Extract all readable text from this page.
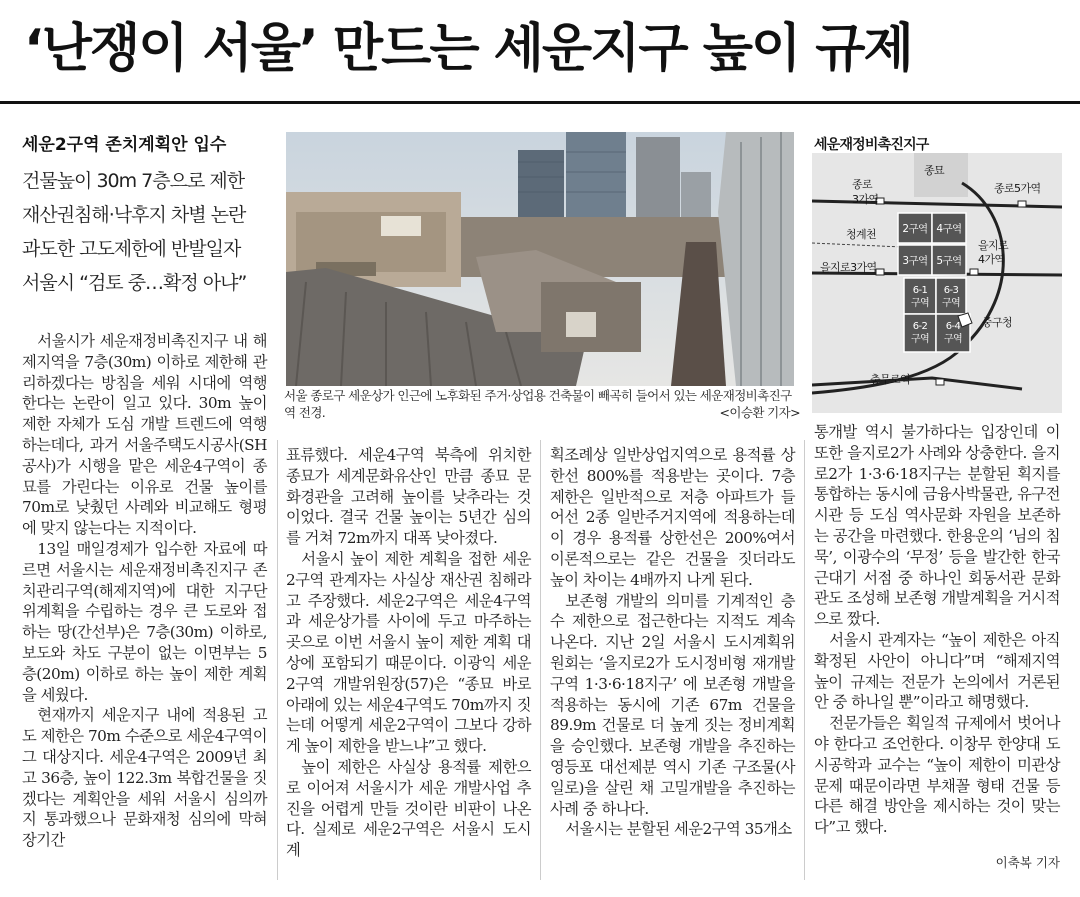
‘난쟁이 서울’ 만드는 세운지구 높이 규제
세운2구역 존치계획안 입수
건물높이 30m 7층으로 제한
재산권침해·낙후지 차별 논란
과도한 고도제한에 반발일자
서울시 “검토 중…확정 아냐”
서울 종로구 세운상가 인근에 노후화된 주거·상업용 건축물이 빼곡히 들어서 있는 세운재정비촉진구역 전경.	<이승환 기자>
세운재정비촉진지구
2구역 4구역
3구역 5구역
6-1
구역
6-3
구역
6-2
구역
6-4
구역
종묘
종로
3가역
종로5가역
청계천
을지로3가역
을지로
4가역
중구청
충무로역

서울시가 세운재정비촉진지구 내 해제지역을 7층(30m) 이하로 제한해 관리하겠다는 방침을 세워 시대에 역행한다는 논란이 일고 있다. 30m 높이 제한 자체가 도심 개발 트렌드에 역행하는데다, 과거 서울주택도시공사(SH공사)가 시행을 맡은 세운4구역이 종묘를 가린다는 이유로 건물 높이를 70m로 낮췄던 사례와 비교해도 형평에 맞지 않는다는 지적이다.

13일 매일경제가 입수한 자료에 따르면 서울시는 세운재정비촉진지구 존치관리구역(해제지역)에 대한 지구단위계획을 수립하는 경우 큰 도로와 접하는 땅(간선부)은 7층(30m) 이하로, 보도와 차도 구분이 없는 이면부는 5층(20m) 이하로 하는 높이 제한 계획을 세웠다.

현재까지 세운지구 내에 적용된 고도 제한은 70m 수준으로 세운4구역이 그 대상지다. 세운4구역은 2009년 최고 36층, 높이 122.3m 복합건물을 짓겠다는 계획안을 세워 서울시 심의까지 통과했으나 문화재청 심의에 막혀 장기간

표류했다. 세운4구역 북측에 위치한 종묘가 세계문화유산인 만큼 종묘 문화경관을 고려해 높이를 낮추라는 것이었다. 결국 건물 높이는 5년간 심의를 거쳐 72m까지 대폭 낮아졌다.

서울시 높이 제한 계획을 접한 세운2구역 관계자는 사실상 재산권 침해라고 주장했다. 세운2구역은 세운4구역과 세운상가를 사이에 두고 마주하는 곳으로 이번 서울시 높이 제한 계획 대상에 포함되기 때문이다. 이광익 세운2구역 개발위원장(57)은 “종묘 바로 아래에 있는 세운4구역도 70m까지 짓는데 어떻게 세운2구역이 그보다 강하게 높이 제한을 받느냐”고 했다.

높이 제한은 사실상 용적률 제한으로 이어져 서울시가 세운 개발사업 추진을 어렵게 만들 것이란 비판이 나온다. 실제로 세운2구역은 서울시 도시계

획조례상 일반상업지역으로 용적률 상한선 800%를 적용받는 곳이다. 7층 제한은 일반적으로 저층 아파트가 들어선 2종 일반주거지역에 적용하는데 이 경우 용적률 상한선은 200%여서 이론적으로는 같은 건물을 짓더라도 높이 차이는 4배까지 나게 된다.

보존형 개발의 의미를 기계적인 층수 제한으로 접근한다는 지적도 계속 나온다. 지난 2일 서울시 도시계획위원회는 ‘을지로2가 도시정비형 재개발구역 1·3·6·18지구’ 에 보존형 개발을 적용하는 동시에 기존 67m 건물을 89.9m 건물로 더 높게 짓는 정비계획을 승인했다. 보존형 개발을 추진하는 영등포 대선제분 역시 기존 구조물(사일로)을 살린 채 고밀개발을 추진하는 사례 중 하나다.

서울시는 분할된 세운2구역 35개소

통개발 역시 불가하다는 입장인데 이 또한 을지로2가 사례와 상충한다. 을지로2가 1·3·6·18지구는 분할된 획지를 통합하는 동시에 금융사박물관, 유구전시관 등 도심 역사문화 자원을 보존하는 공간을 마련했다. 한용운의 ‘님의 침묵’, 이광수의 ‘무정’ 등을 발간한 한국 근대기 서점 중 하나인 회동서관 문화관도 조성해 보존형 개발계획을 거시적으로 짰다.

서울시 관계자는 “높이 제한은 아직 확정된 사안이 아니다”며 “해제지역 높이 규제는 전문가 논의에서 거론된 안 중 하나일 뿐”이라고 해명했다.

전문가들은 획일적 규제에서 벗어나야 한다고 조언한다. 이창무 한양대 도시공학과 교수는 “높이 제한이 미관상 문제 때문이라면 부채꼴 형태 건물 등 다른 해결 방안을 제시하는 것이 맞는다”고 했다.

이축복 기자
